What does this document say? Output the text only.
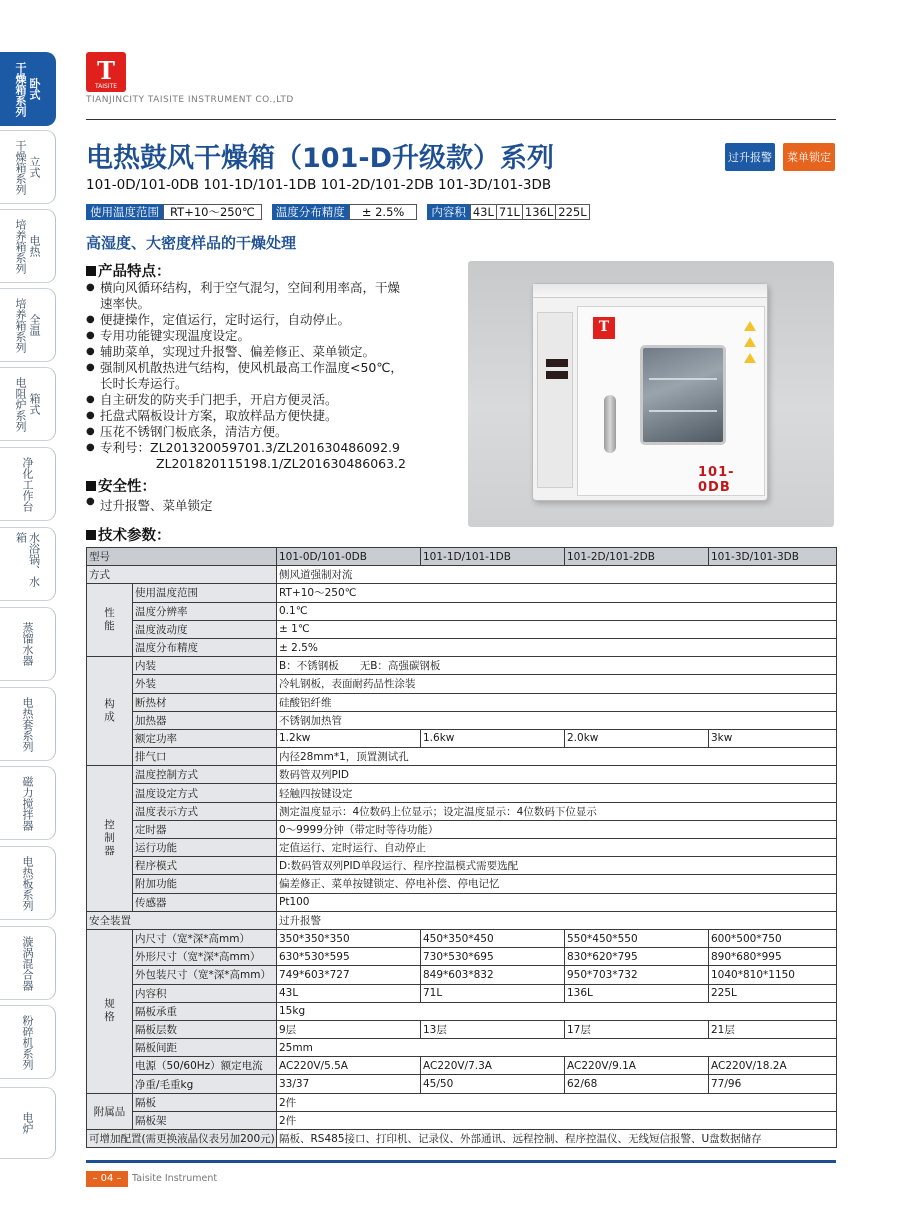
干燥箱系列 卧式
干燥箱系列 立式
培养箱系列 电热
培养箱系列 全温
电阻炉系列 箱式
净化工作台
水浴锅、水箱
蒸馏水器
电热套系列
磁力搅拌器
电热板系列
漩涡混合器
粉碎机系列
电炉
T
TAISITE
TIANJINCITY TAISITE INSTRUMENT CO.,LTD
电热鼓风干燥箱（101-D升级款）系列
101-0D/101-0DB 101-1D/101-1DB 101-2D/101-2DB 101-3D/101-3DB
过升报警	菜单锁定
使用温度范围 RT+10～250℃	温度分布精度	± 2.5%	内容积 43L 71L 136L 225L
高湿度、大密度样品的干燥处理
产品特点：
● 横向风循环结构，利于空气混匀，空间利用率高，干燥
速率快。
● 便捷操作，定值运行，定时运行，自动停止。
● 专用功能键实现温度设定。
● 辅助菜单，实现过升报警、偏差修正、菜单锁定。
● 强制风机散热进气结构，使风机最高工作温度<50℃，
长时长寿运行。
● 自主研发的防夹手门把手，开启方便灵活。
● 托盘式隔板设计方案，取放样品方便快捷。
● 压花不锈钢门板底条，清洁方便。
● 专利号：ZL201320059701.3/ZL201630486092.9
ZL201820115198.1/ZL201630486063.2
安全性：
● 过升报警、菜单锁定
T
101-0DB
技术参数：
型号		101-0D/101-0DB	101-1D/101-1DB	101-2D/101-2DB	101-3D/101-3DB
方式		侧风道强制对流			
性能	使用温度范围	RT+10～250℃			
	温度分辨率	0.1℃			
	温度波动度	± 1℃			
	温度分布精度	± 2.5%			
构成	内装	B：不锈钢板　　无B：高强碳钢板			
	外装	冷轧钢板，表面耐药品性涂装			
	断热材	硅酸铝纤维			
	加热器	不锈钢加热管			
	额定功率	1.2kw	1.6kw	2.0kw	3kw
	排气口	内径28mm*1，顶置测试孔			
控制器	温度控制方式	数码管双列PID			
	温度设定方式	轻触四按键设定			
	温度表示方式	测定温度显示：4位数码上位显示；设定温度显示：4位数码下位显示			
	定时器	0～9999分钟（带定时等待功能）			
	运行功能	定值运行、定时运行、自动停止			
	程序模式	D:数码管双列PID单段运行、程序控温模式需要选配			
	附加功能	偏差修正、菜单按键锁定、停电补偿、停电记忆			
	传感器	Pt100			
安全装置		过升报警			
规格	内尺寸（宽*深*高mm）	350*350*350	450*350*450	550*450*550	600*500*750
	外形尺寸（宽*深*高mm）	630*530*595	730*530*695	830*620*795	890*680*995
	外包装尺寸（宽*深*高mm）	749*603*727	849*603*832	950*703*732	1040*810*1150
	内容积	43L	71L	136L	225L
	隔板承重	15kg			
	隔板层数	9层	13层	17层	21层
	隔板间距	25mm			
	电源（50/60Hz）额定电流	AC220V/5.5A	AC220V/7.3A	AC220V/9.1A	AC220V/18.2A
	净重/毛重kg	33/37	45/50	62/68	77/96
附属品	隔板	2件			
	隔板架	2件			
可增加配置(需更换液晶仪表另加200元)		隔板、RS485接口、打印机、记录仪、外部通讯、远程控制、程序控温仪、无线短信报警、U盘数据储存			
– 04 –	Taisite Instrument
